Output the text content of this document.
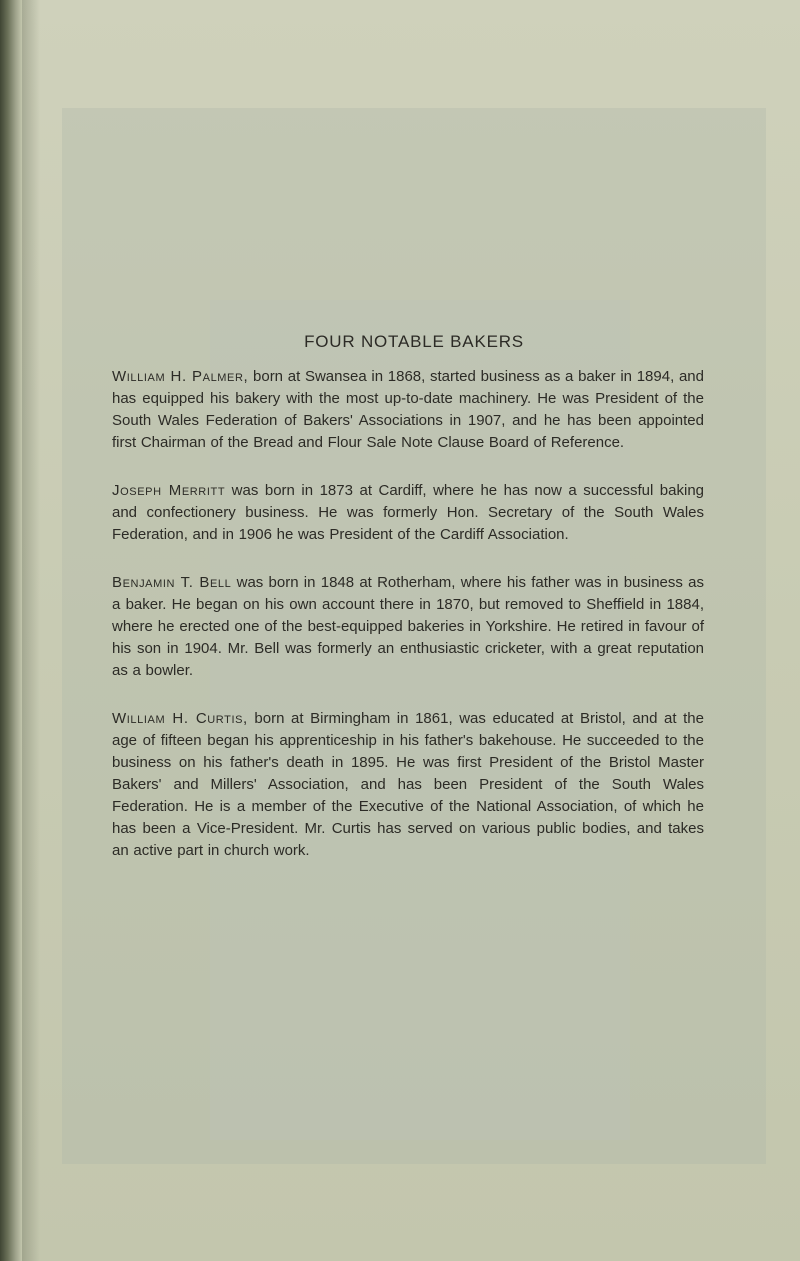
FOUR NOTABLE BAKERS

William H. Palmer, born at Swansea in 1868, started business as a baker in 1894, and has equipped his bakery with the most up-to-date machinery. He was President of the South Wales Federation of Bakers' Associations in 1907, and he has been appointed first Chairman of the Bread and Flour Sale Note Clause Board of Reference.

Joseph Merritt was born in 1873 at Cardiff, where he has now a successful baking and confectionery business. He was formerly Hon. Secretary of the South Wales Federation, and in 1906 he was President of the Cardiff Association.

Benjamin T. Bell was born in 1848 at Rotherham, where his father was in business as a baker. He began on his own account there in 1870, but removed to Sheffield in 1884, where he erected one of the best-equipped bakeries in Yorkshire. He retired in favour of his son in 1904. Mr. Bell was formerly an enthusiastic cricketer, with a great reputation as a bowler.

William H. Curtis, born at Birmingham in 1861, was educated at Bristol, and at the age of fifteen began his apprenticeship in his father's bakehouse. He succeeded to the business on his father's death in 1895. He was first President of the Bristol Master Bakers' and Millers' Association, and has been President of the South Wales Federation. He is a member of the Executive of the National Association, of which he has been a Vice-President. Mr. Curtis has served on various public bodies, and takes an active part in church work.
